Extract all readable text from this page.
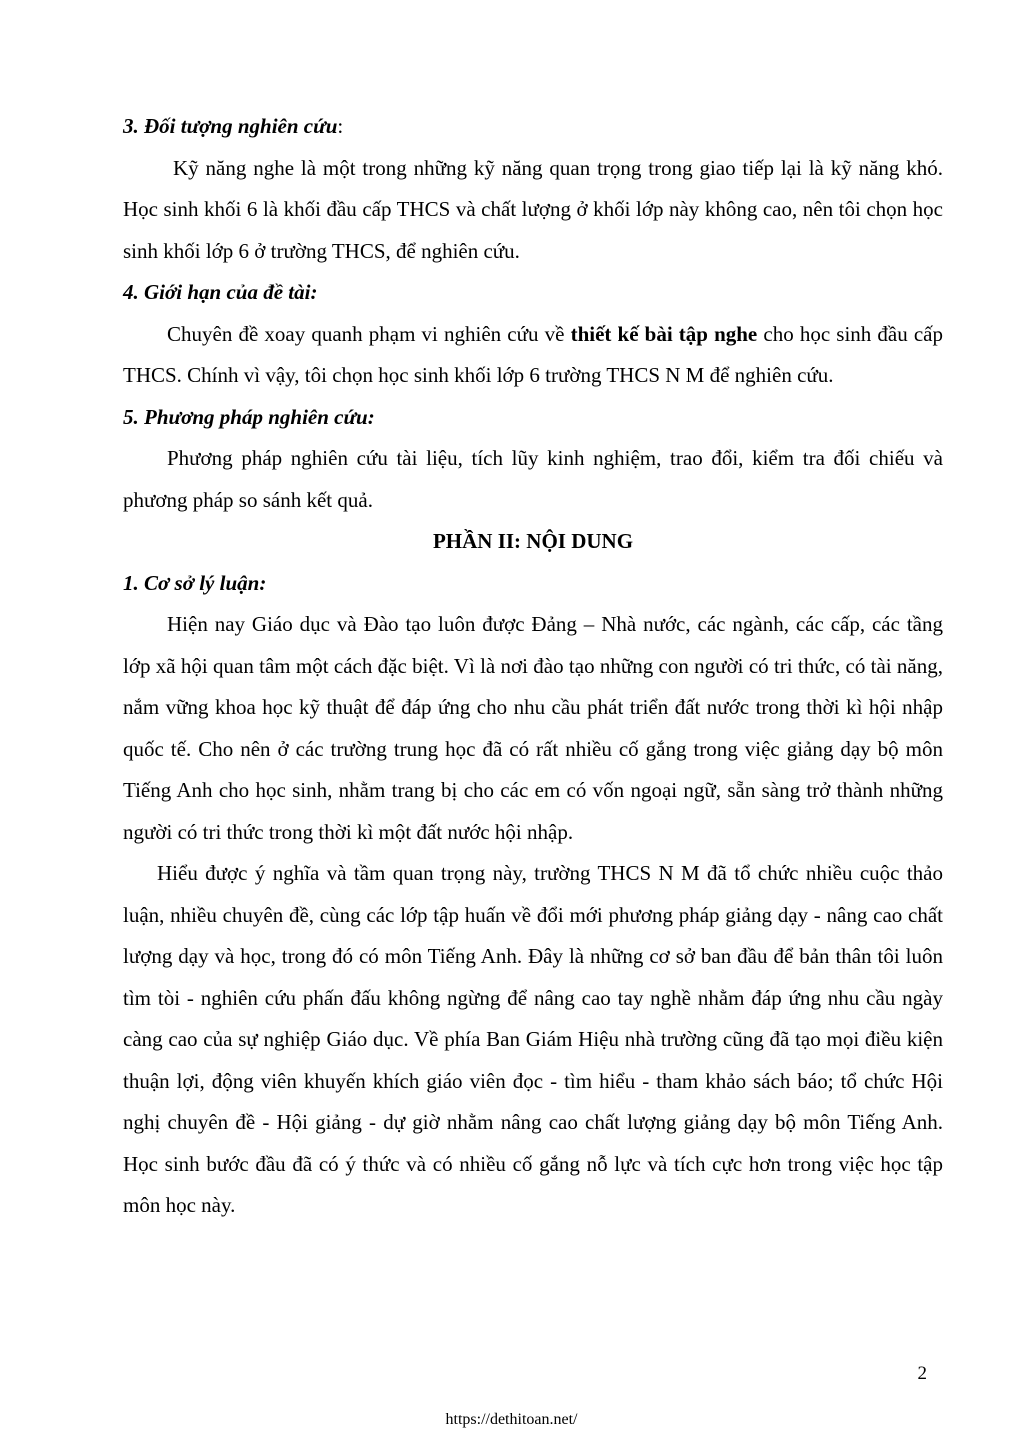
3. Đối tượng nghiên cứu:

Kỹ năng nghe là một trong những kỹ năng quan trọng trong giao tiếp lại là kỹ năng khó. Học sinh khối 6 là khối đầu cấp THCS và chất lượng ở khối lớp này không cao, nên tôi chọn học sinh khối lớp 6 ở trường THCS, để nghiên cứu.

4. Giới hạn của đề tài:

Chuyên đề xoay quanh phạm vi nghiên cứu về thiết kế bài tập nghe cho học sinh đầu cấp THCS. Chính vì vậy, tôi chọn học sinh khối lớp 6 trường THCS N M để nghiên cứu.

5. Phương pháp nghiên cứu:

Phương pháp nghiên cứu tài liệu, tích lũy kinh nghiệm, trao đổi, kiểm tra đối chiếu và phương pháp so sánh kết quả.

PHẦN II: NỘI DUNG

1. Cơ sở lý luận:

Hiện nay Giáo dục và Đào tạo luôn được Đảng – Nhà nước, các ngành, các cấp, các tầng lớp xã hội quan tâm một cách đặc biệt. Vì là nơi đào tạo những con người có tri thức, có tài năng, nắm vững khoa học kỹ thuật để đáp ứng cho nhu cầu phát triển đất nước trong thời kì hội nhập quốc tế. Cho nên ở các trường trung học đã có rất nhiều cố gắng trong việc giảng dạy bộ môn Tiếng Anh cho học sinh, nhằm trang bị cho các em có vốn ngoại ngữ, sẵn sàng trở thành những người có tri thức trong thời kì một đất nước hội nhập.

Hiểu được ý nghĩa và tầm quan trọng này, trường THCS N M đã tổ chức nhiều cuộc thảo luận, nhiều chuyên đề, cùng các lớp tập huấn về đổi mới phương pháp giảng dạy - nâng cao chất lượng dạy và học, trong đó có môn Tiếng Anh. Đây là những cơ sở ban đầu để bản thân tôi luôn tìm tòi - nghiên cứu phấn đấu không ngừng để nâng cao tay nghề nhằm đáp ứng nhu cầu ngày càng cao của sự nghiệp Giáo dục. Về phía Ban Giám Hiệu nhà trường cũng đã tạo mọi điều kiện thuận lợi, động viên khuyến khích giáo viên đọc - tìm hiểu - tham khảo sách báo; tổ chức Hội nghị chuyên đề - Hội giảng - dự giờ nhằm nâng cao chất lượng giảng dạy bộ môn Tiếng Anh. Học sinh bước đầu đã có ý thức và có nhiều cố gắng nỗ lực và tích cực hơn trong việc học tập môn học này.

2
https://dethitoan.net/
